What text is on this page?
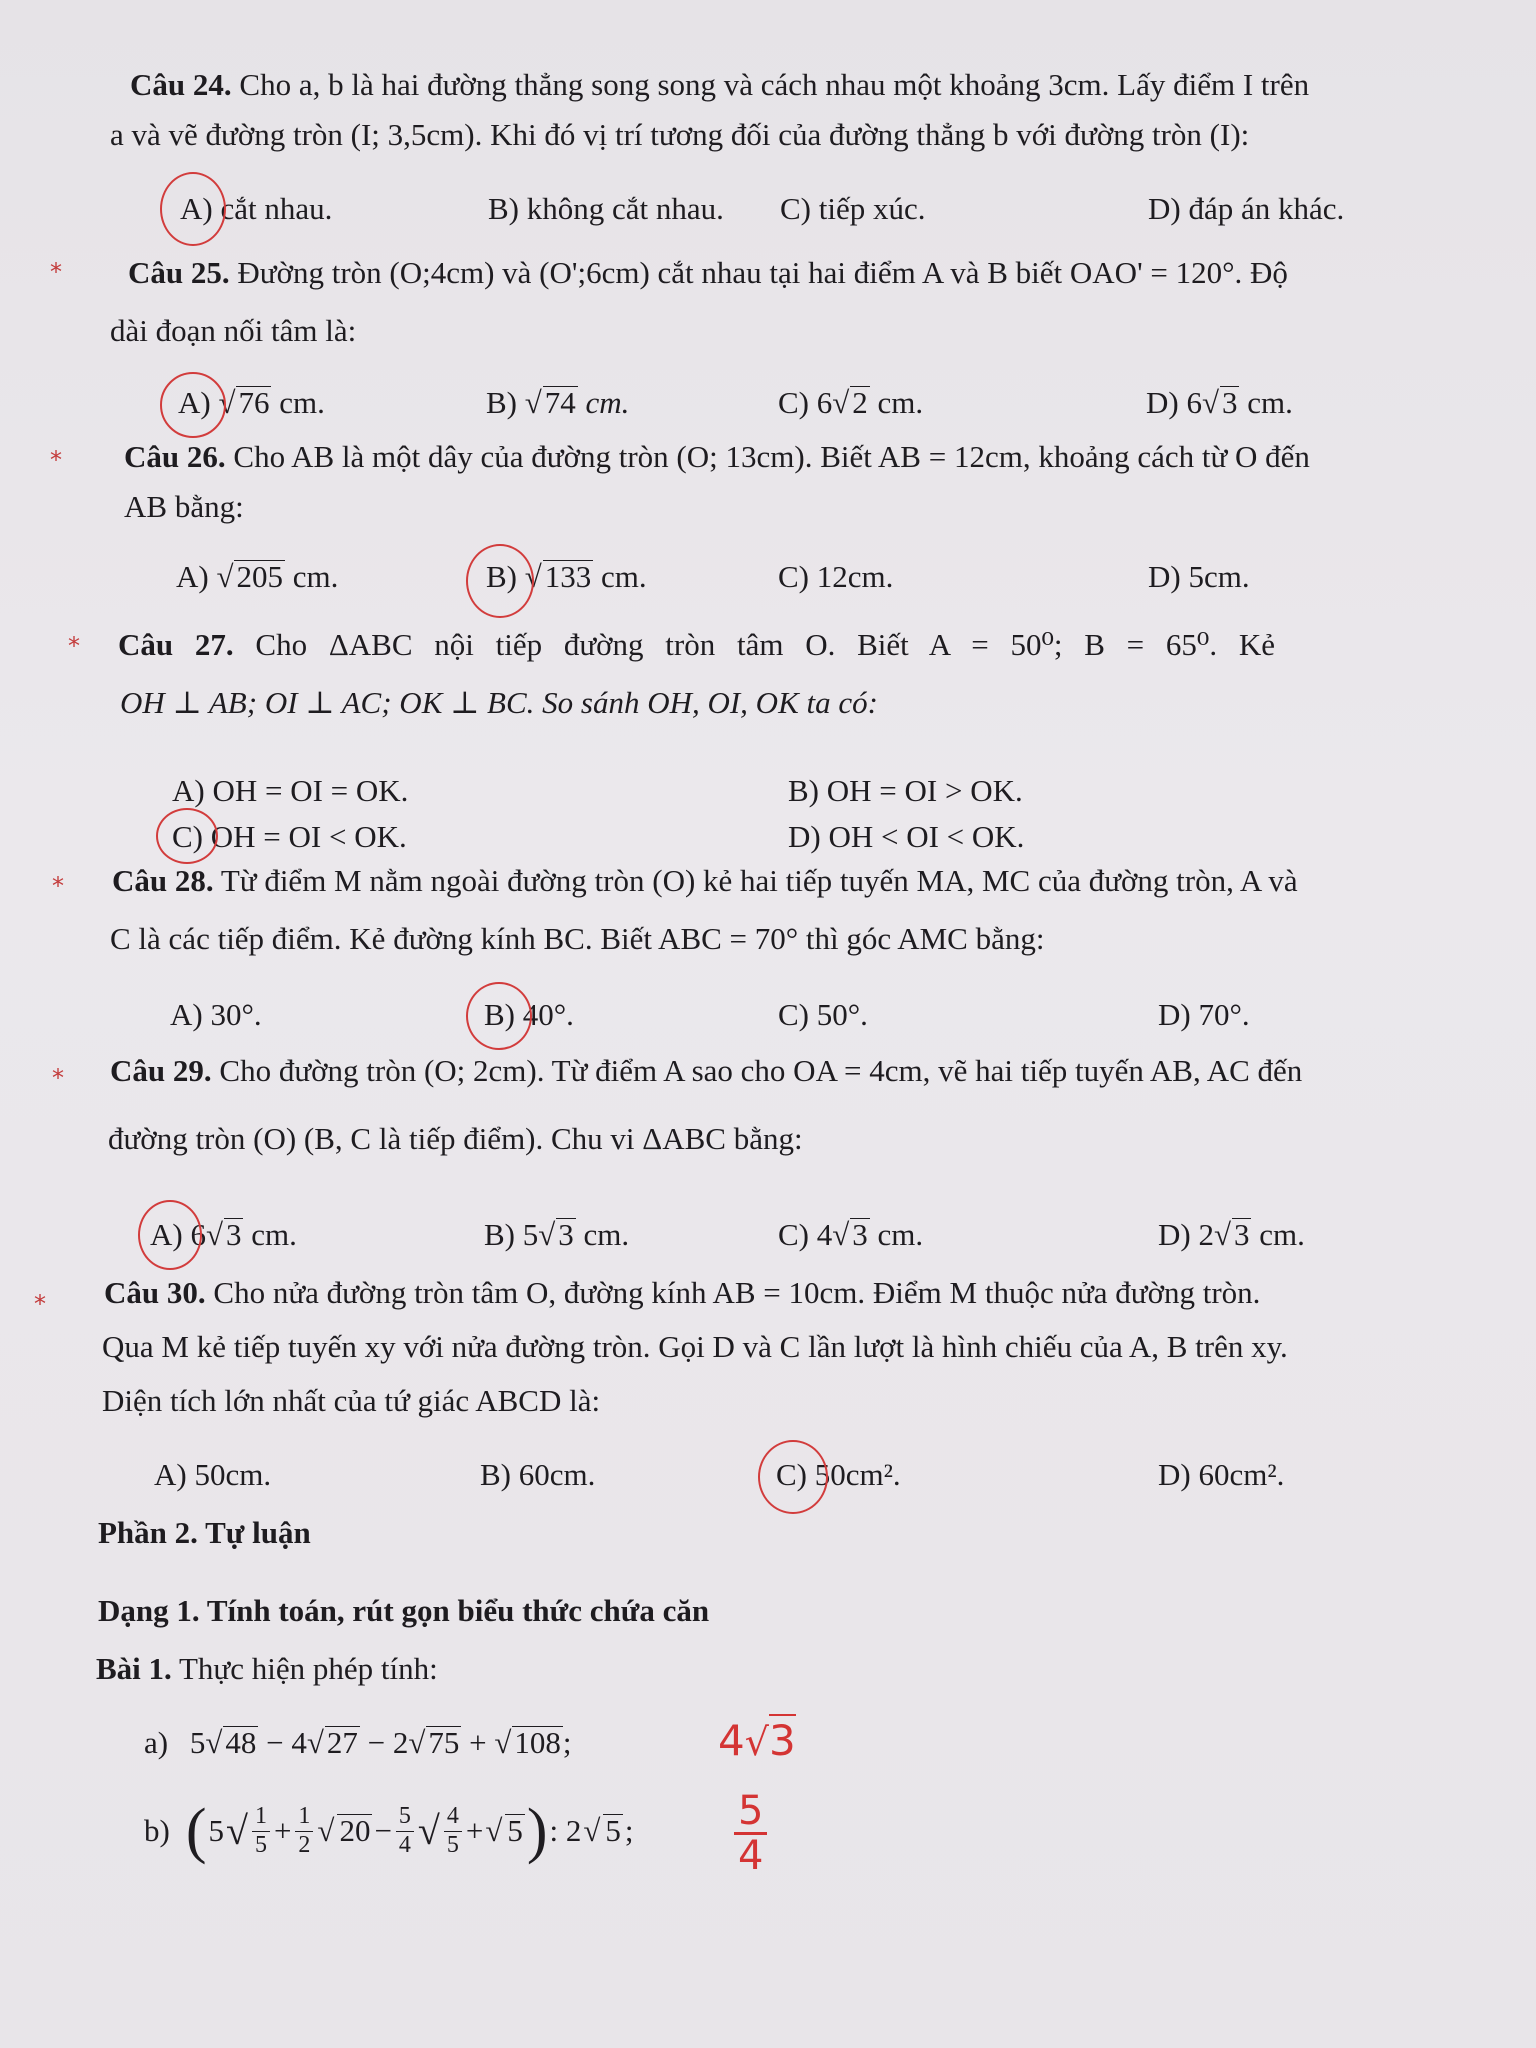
Câu 24. Cho a, b là hai đường thẳng song song và cách nhau một khoảng 3cm. Lấy điểm I trên
a và vẽ đường tròn (I; 3,5cm). Khi đó vị trí tương đối của đường thẳng b với đường tròn (I):
A) cắt nhau.	B) không cắt nhau. C) tiếp xúc.	D) đáp án khác.
* Câu 25. Đường tròn (O;4cm) và (O';6cm) cắt nhau tại hai điểm A và B biết OAO' = 120°. Độ
dài đoạn nối tâm là:
A) √76 cm.	B) √74 cm.	C) 6√2 cm.	D) 6√3 cm.
* Câu 26. Cho AB là một dây của đường tròn (O; 13cm). Biết AB = 12cm, khoảng cách từ O đến
AB bằng:
A) √205 cm.	B) √133 cm.	C) 12cm.	D) 5cm.
* Câu 27. Cho ΔABC nội tiếp đường tròn tâm O. Biết A = 50⁰; B = 65⁰. Kẻ
OH ⊥ AB; OI ⊥ AC; OK ⊥ BC. So sánh OH, OI, OK ta có:
A) OH = OI = OK.	B) OH = OI > OK.
C) OH = OI < OK.	D) OH < OI < OK.
* Câu 28. Từ điểm M nằm ngoài đường tròn (O) kẻ hai tiếp tuyến MA, MC của đường tròn, A và
C là các tiếp điểm. Kẻ đường kính BC. Biết ABC = 70° thì góc AMC bằng:
A) 30°.	B) 40°.	C) 50°.	D) 70°.
* Câu 29. Cho đường tròn (O; 2cm). Từ điểm A sao cho OA = 4cm, vẽ hai tiếp tuyến AB, AC đến
đường tròn (O) (B, C là tiếp điểm). Chu vi ΔABC bằng:
A) 6√3 cm.	B) 5√3 cm.	C) 4√3 cm.	D) 2√3 cm.
* Câu 30. Cho nửa đường tròn tâm O, đường kính AB = 10cm. Điểm M thuộc nửa đường tròn.
Qua M kẻ tiếp tuyến xy với nửa đường tròn. Gọi D và C lần lượt là hình chiếu của A, B trên xy.
Diện tích lớn nhất của tứ giác ABCD là:
A) 50cm.	B) 60cm.	C) 50cm².	D) 60cm².
Phần 2. Tự luận
Dạng 1. Tính toán, rút gọn biểu thức chứa căn
Bài 1. Thực hiện phép tính:
a) 5√48 − 4√27 − 2√75 + √108;	4√3
b) ( 5 √ $\frac{1}{5} + \frac{1}{2}$ √ $20 - \frac{5}{4}$ √ $\frac{4}{5}$ + √ 5 ) : 2 √ 5 ;	5
4
